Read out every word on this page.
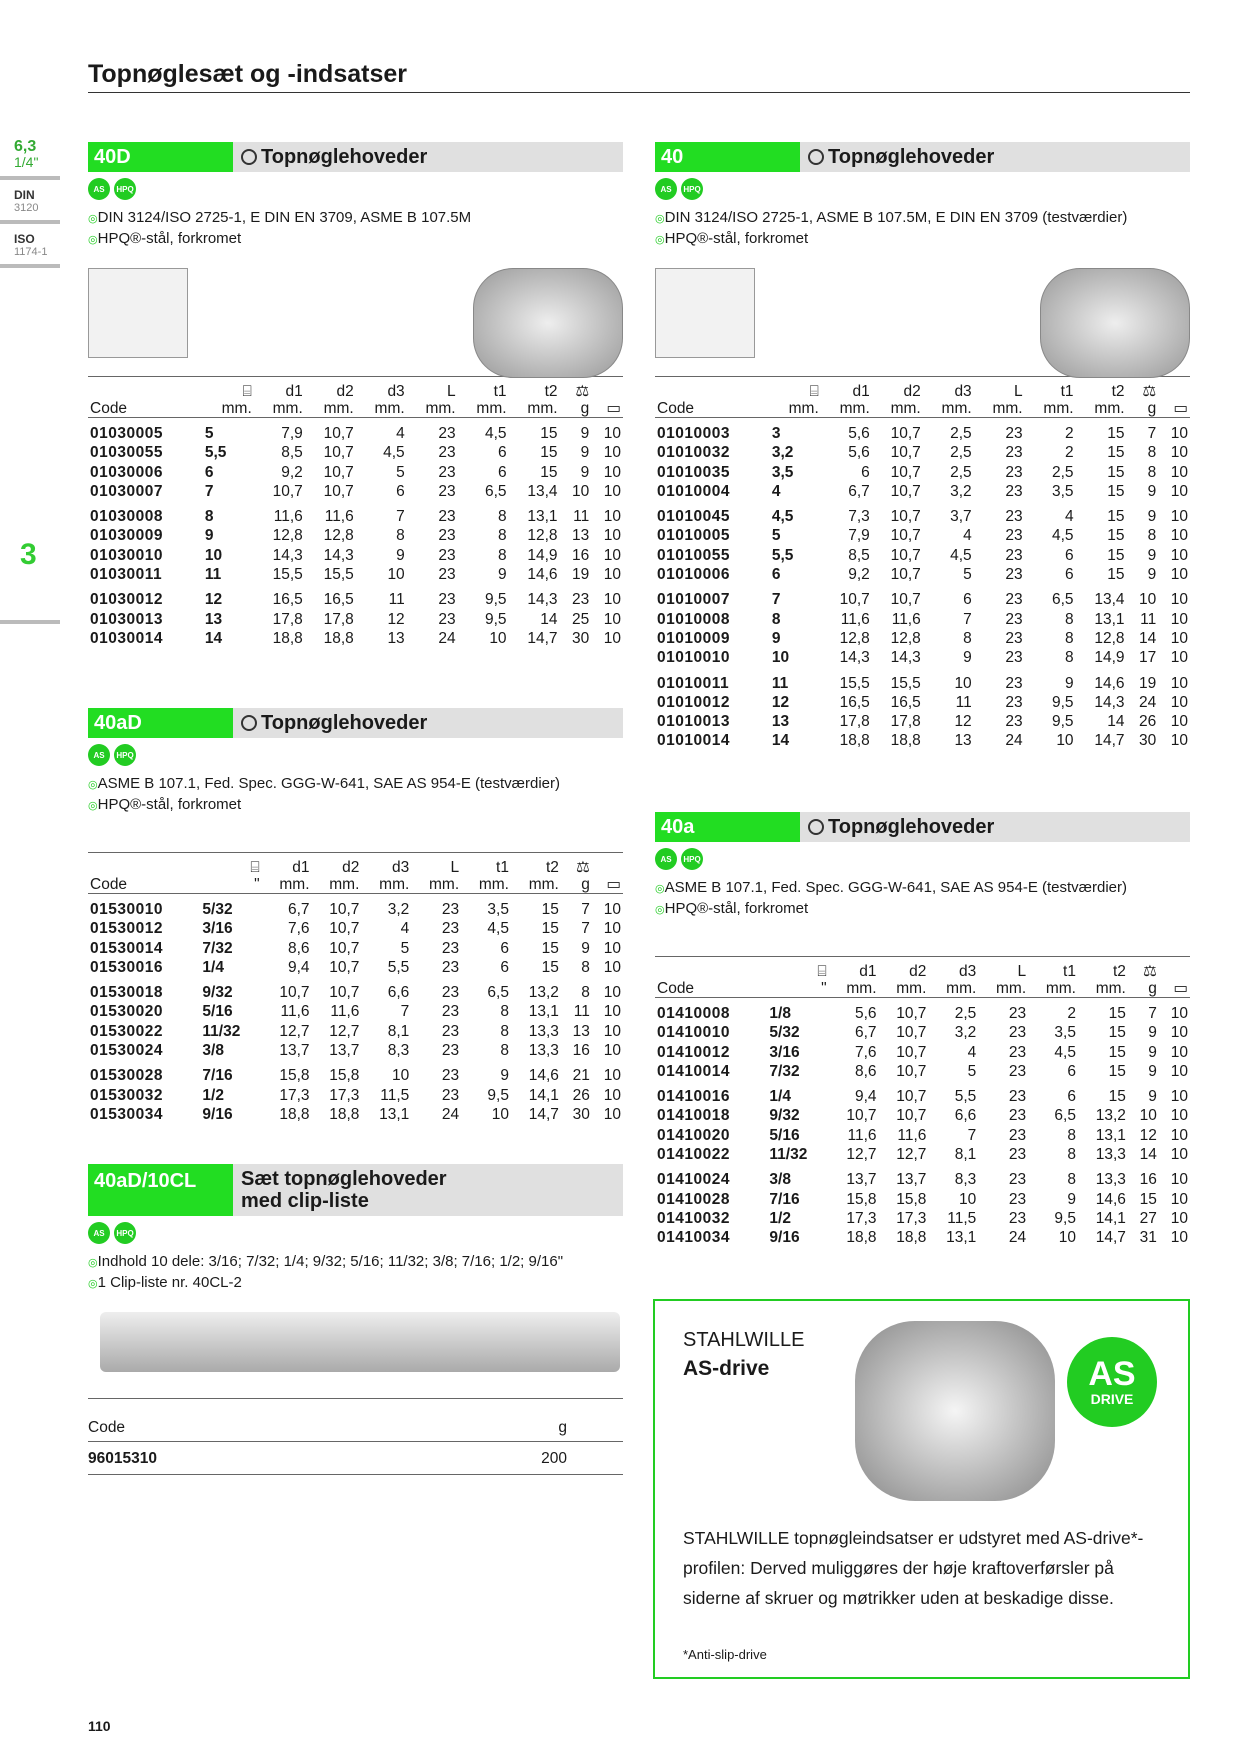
Topnøglesæt og -indsatser
6,3
1/4"
DIN
3120
ISO
1174-1
3
40D	Topnøglehoveder
AS	HPQ
◎ DIN 3124/ISO 2725-1, E DIN EN 3709, ASME B 107.5M
◎ HPQ®-stål, forkromet
	⌸	d1	d2	d3	L	t1	t2	⚖	
Code	mm.	mm.	mm.	mm.	mm.	mm.	mm.	g	▭
01030005	5	7,9	10,7	4	23	4,5	15	9	10
01030055	5,5	8,5	10,7	4,5	23	6	15	9	10
01030006	6	9,2	10,7	5	23	6	15	9	10
01030007	7	10,7	10,7	6	23	6,5	13,4	10	10
01030008	8	11,6	11,6	7	23	8	13,1	11	10
01030009	9	12,8	12,8	8	23	8	12,8	13	10
01030010	10	14,3	14,3	9	23	8	14,9	16	10
01030011	11	15,5	15,5	10	23	9	14,6	19	10
01030012	12	16,5	16,5	11	23	9,5	14,3	23	10
01030013	13	17,8	17,8	12	23	9,5	14	25	10
01030014	14	18,8	18,8	13	24	10	14,7	30	10
40aD	Topnøglehoveder
AS	HPQ
◎ ASME B 107.1, Fed. Spec. GGG-W-641, SAE AS 954-E (testværdier)
◎ HPQ®-stål, forkromet
	⌸	d1	d2	d3	L	t1	t2	⚖	
Code	"	mm.	mm.	mm.	mm.	mm.	mm.	g	▭
01530010	5/32	6,7	10,7	3,2	23	3,5	15	7	10
01530012	3/16	7,6	10,7	4	23	4,5	15	7	10
01530014	7/32	8,6	10,7	5	23	6	15	9	10
01530016	1/4	9,4	10,7	5,5	23	6	15	8	10
01530018	9/32	10,7	10,7	6,6	23	6,5	13,2	8	10
01530020	5/16	11,6	11,6	7	23	8	13,1	11	10
01530022	11/32	12,7	12,7	8,1	23	8	13,3	13	10
01530024	3/8	13,7	13,7	8,3	23	8	13,3	16	10
01530028	7/16	15,8	15,8	10	23	9	14,6	21	10
01530032	1/2	17,3	17,3	11,5	23	9,5	14,1	26	10
01530034	9/16	18,8	18,8	13,1	24	10	14,7	30	10
40aD/10CL	Sæt topnøglehoveder
med clip-liste
AS	HPQ
◎ Indhold 10 dele: 3/16; 7/32; 1/4; 9/32; 5/16; 11/32; 3/8; 7/16; 1/2; 9/16"
◎ 1 Clip-liste nr. 40CL-2
Code	g
96015310	200
40	Topnøglehoveder
AS	HPQ
◎ DIN 3124/ISO 2725-1, ASME B 107.5M, E DIN EN 3709 (testværdier)
◎ HPQ®-stål, forkromet
	⌸	d1	d2	d3	L	t1	t2	⚖	
Code	mm.	mm.	mm.	mm.	mm.	mm.	mm.	g	▭
01010003	3	5,6	10,7	2,5	23	2	15	7	10
01010032	3,2	5,6	10,7	2,5	23	2	15	8	10
01010035	3,5	6	10,7	2,5	23	2,5	15	8	10
01010004	4	6,7	10,7	3,2	23	3,5	15	9	10
01010045	4,5	7,3	10,7	3,7	23	4	15	9	10
01010005	5	7,9	10,7	4	23	4,5	15	8	10
01010055	5,5	8,5	10,7	4,5	23	6	15	9	10
01010006	6	9,2	10,7	5	23	6	15	9	10
01010007	7	10,7	10,7	6	23	6,5	13,4	10	10
01010008	8	11,6	11,6	7	23	8	13,1	11	10
01010009	9	12,8	12,8	8	23	8	12,8	14	10
01010010	10	14,3	14,3	9	23	8	14,9	17	10
01010011	11	15,5	15,5	10	23	9	14,6	19	10
01010012	12	16,5	16,5	11	23	9,5	14,3	24	10
01010013	13	17,8	17,8	12	23	9,5	14	26	10
01010014	14	18,8	18,8	13	24	10	14,7	30	10
40a	Topnøglehoveder
AS	HPQ
◎ ASME B 107.1, Fed. Spec. GGG-W-641, SAE AS 954-E (testværdier)
◎ HPQ®-stål, forkromet
	⌸	d1	d2	d3	L	t1	t2	⚖	
Code	"	mm.	mm.	mm.	mm.	mm.	mm.	g	▭
01410008	1/8	5,6	10,7	2,5	23	2	15	7	10
01410010	5/32	6,7	10,7	3,2	23	3,5	15	9	10
01410012	3/16	7,6	10,7	4	23	4,5	15	9	10
01410014	7/32	8,6	10,7	5	23	6	15	9	10
01410016	1/4	9,4	10,7	5,5	23	6	15	9	10
01410018	9/32	10,7	10,7	6,6	23	6,5	13,2	10	10
01410020	5/16	11,6	11,6	7	23	8	13,1	12	10
01410022	11/32	12,7	12,7	8,1	23	8	13,3	14	10
01410024	3/8	13,7	13,7	8,3	23	8	13,3	16	10
01410028	7/16	15,8	15,8	10	23	9	14,6	15	10
01410032	1/2	17,3	17,3	11,5	23	9,5	14,1	27	10
01410034	9/16	18,8	18,8	13,1	24	10	14,7	31	10
STAHLWILLE
AS-drive	AS
DRIVE
STAHLWILLE topnøgleindsatser er udstyret med AS-drive*-profilen: Derved muliggøres der høje kraftoverførsler på siderne af skruer og møtrikker uden at beskadige disse.
*Anti-slip-drive
110
